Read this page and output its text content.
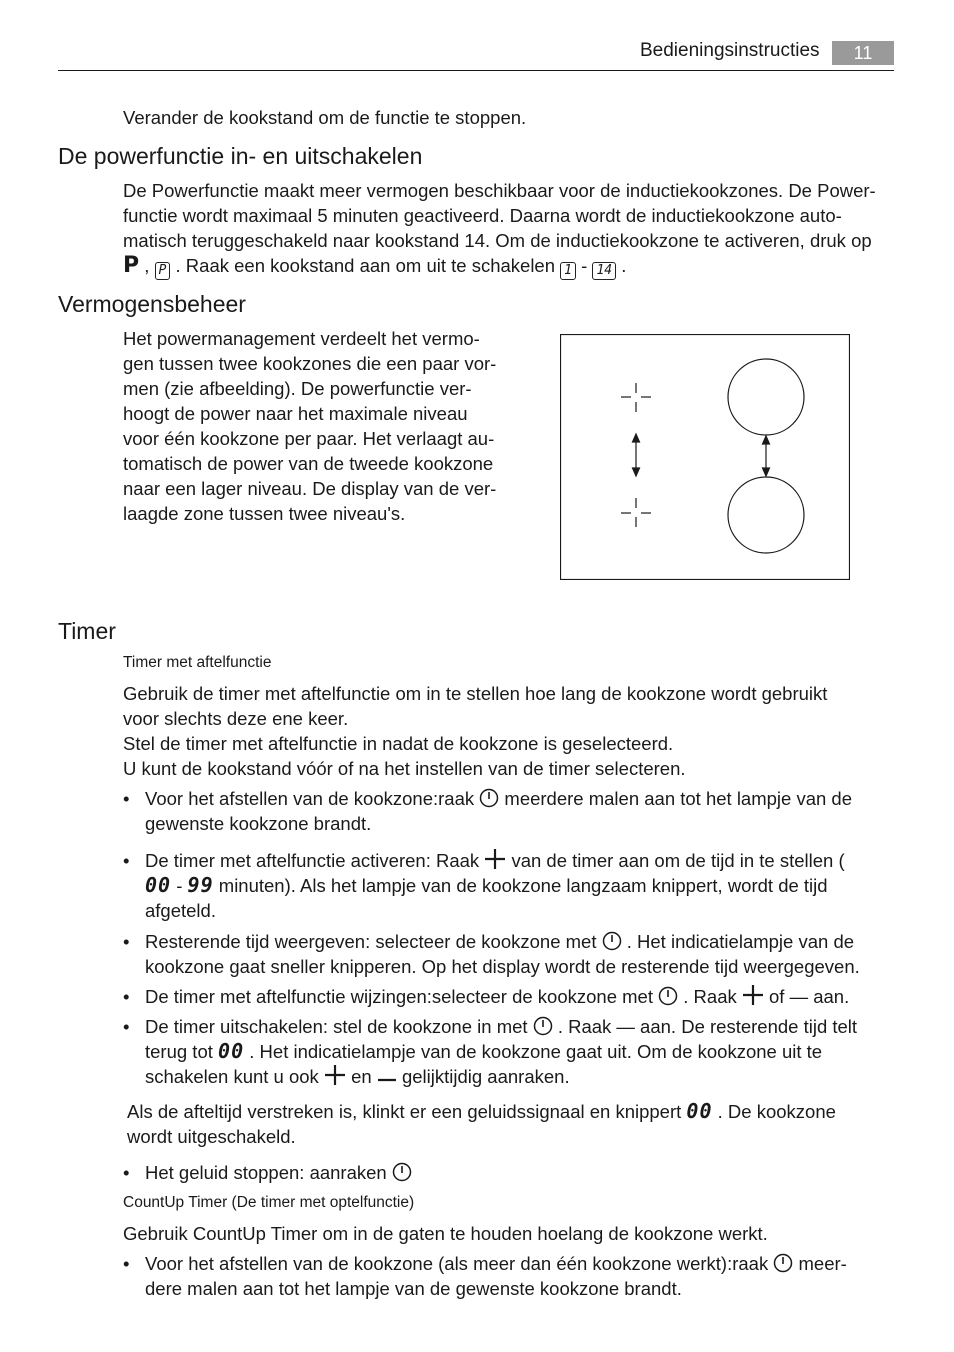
Bedieningsinstructies	11
Verander de kookstand om de functie te stoppen.
De powerfunctie in- en uitschakelen
De Powerfunctie maakt meer vermogen beschikbaar voor de inductiekookzones. De Power-
functie wordt maximaal 5 minuten geactiveerd. Daarna wordt de inductiekookzone auto-
matisch teruggeschakeld naar kookstand 14. Om de inductiekookzone te activeren, druk op
P , P . Raak een kookstand aan om uit te schakelen 1 - 14 .
Vermogensbeheer
Het powermanagement verdeelt het vermo-
gen tussen twee kookzones die een paar vor-
men (zie afbeelding). De powerfunctie ver-
hoogt de power naar het maximale niveau
voor één kookzone per paar. Het verlaagt au-
tomatisch de power van de tweede kookzone
naar een lager niveau. De display van de ver-
laagde zone tussen twee niveau's.
Timer
Timer met aftelfunctie
Gebruik de timer met aftelfunctie om in te stellen hoe lang de kookzone wordt gebruikt
voor slechts deze ene keer.
Stel de timer met aftelfunctie in nadat de kookzone is geselecteerd.
U kunt de kookstand vóór of na het instellen van de timer selecteren.
• Voor het afstellen van de kookzone:raak meerdere malen aan tot het lampje van de
gewenste kookzone brandt.
• De timer met aftelfunctie activeren: Raak van de timer aan om de tijd in te stellen (
00 - 99 minuten). Als het lampje van de kookzone langzaam knippert, wordt de tijd
afgeteld.
• Resterende tijd weergeven: selecteer de kookzone met . Het indicatielampje van de
kookzone gaat sneller knipperen. Op het display wordt de resterende tijd weergegeven.
• De timer met aftelfunctie wijzingen:selecteer de kookzone met . Raak of — aan.
• De timer uitschakelen: stel de kookzone in met . Raak — aan. De resterende tijd telt
terug tot 00 . Het indicatielampje van de kookzone gaat uit. Om de kookzone uit te
schakelen kunt u ook en gelijktijdig aanraken.
Als de afteltijd verstreken is, klinkt er een geluidssignaal en knippert 00 . De kookzone
wordt uitgeschakeld.
• Het geluid stoppen: aanraken
CountUp Timer (De timer met optelfunctie)
Gebruik CountUp Timer om in de gaten te houden hoelang de kookzone werkt.
• Voor het afstellen van de kookzone (als meer dan één kookzone werkt):raak meer-
dere malen aan tot het lampje van de gewenste kookzone brandt.
